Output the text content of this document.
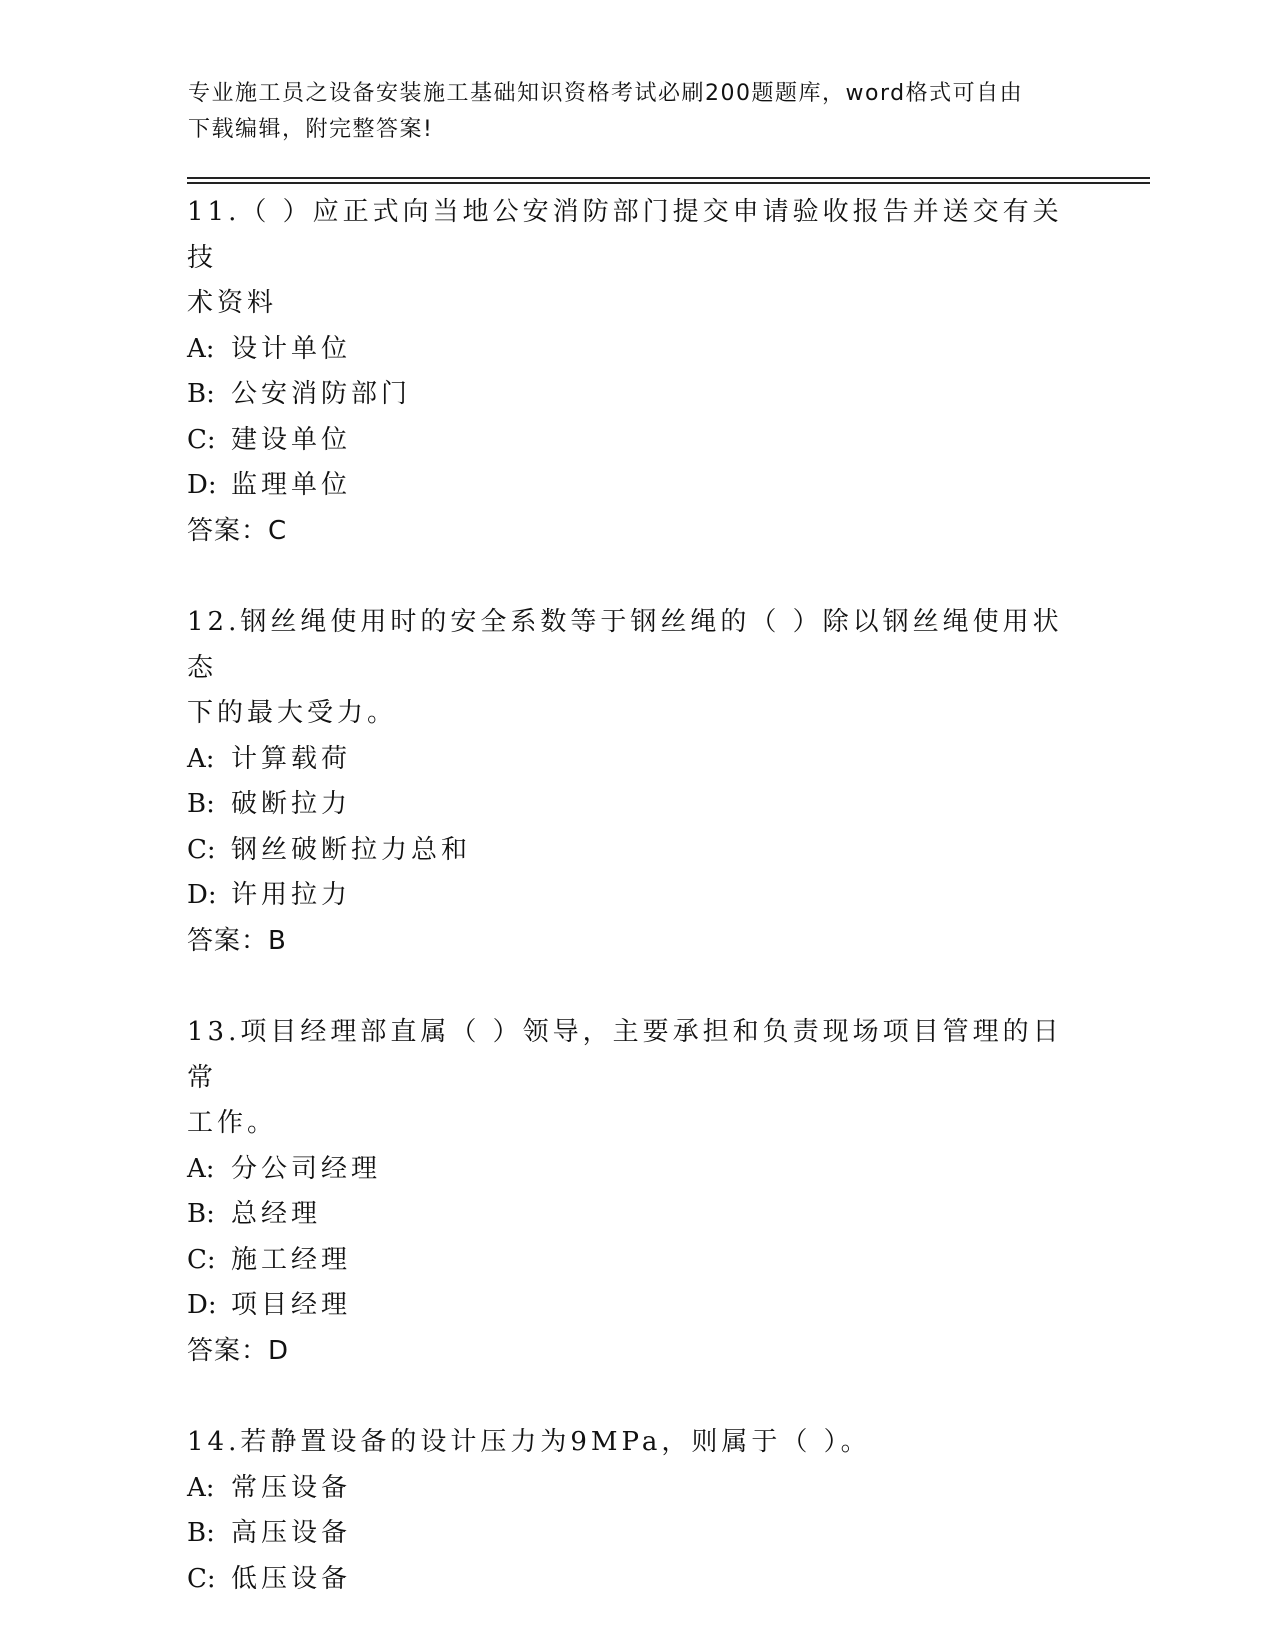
专业施工员之设备安装施工基础知识资格考试必刷200题题库，word格式可自由
下载编辑，附完整答案!
11.（ ）应正式向当地公安消防部门提交申请验收报告并送交有关技
术资料
A: 设计单位
B: 公安消防部门
C: 建设单位
D: 监理单位
答案：C
12.钢丝绳使用时的安全系数等于钢丝绳的（ ）除以钢丝绳使用状态
下的最大受力。
A: 计算载荷
B: 破断拉力
C: 钢丝破断拉力总和
D: 许用拉力
答案：B
13.项目经理部直属（ ）领导，主要承担和负责现场项目管理的日常
工作。
A: 分公司经理
B: 总经理
C: 施工经理
D: 项目经理
答案：D
14.若静置设备的设计压力为9MPa，则属于（ ）。
A: 常压设备
B: 高压设备
C: 低压设备
